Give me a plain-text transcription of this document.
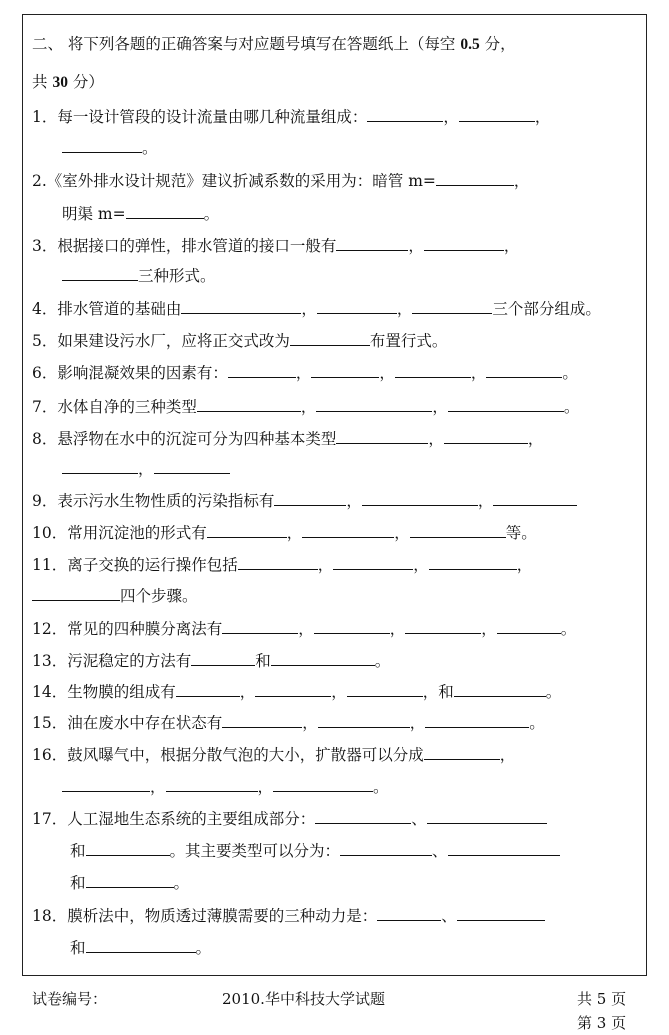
二、 将下列各题的正确答案与对应题号填写在答题纸上（每空 0.5 分，
共 30 分）
1．每一设计管段的设计流量由哪几种流量组成：	，	，
。
2.《室外排水设计规范》建议折减系数的采用为：暗管 m=	，
明渠 m=	。
3．根据接口的弹性，排水管道的接口一般有	，	，
三种形式。
4．排水管道的基础由	，	，	三个部分组成。
5．如果建设污水厂，应将正交式改为	布置行式。
6．影响混凝效果的因素有：	，	，	，	。
7．水体自净的三种类型	，	，	。
8．悬浮物在水中的沉淀可分为四种基本类型	，	，
，
9．表示污水生物性质的污染指标有	，	，
10．常用沉淀池的形式有	，	，	等。
11．离子交换的运行操作包括	，	，	，
四个步骤。
12．常见的四种膜分离法有	，	，	，	。
13．污泥稳定的方法有	和	。
14．生物膜的组成有	，	，	，和	。
15．油在废水中存在状态有	，	，	。
16．鼓风曝气中，根据分散气泡的大小，扩散器可以分成	，
，	，	。
17．人工湿地生态系统的主要组成部分：	、
和	。其主要类型可以分为：	、
和	。
18．膜析法中，物质透过薄膜需要的三种动力是：	、
和	。
试卷编号：	2010.华中科技大学试题	共 5 页
第 3 页
